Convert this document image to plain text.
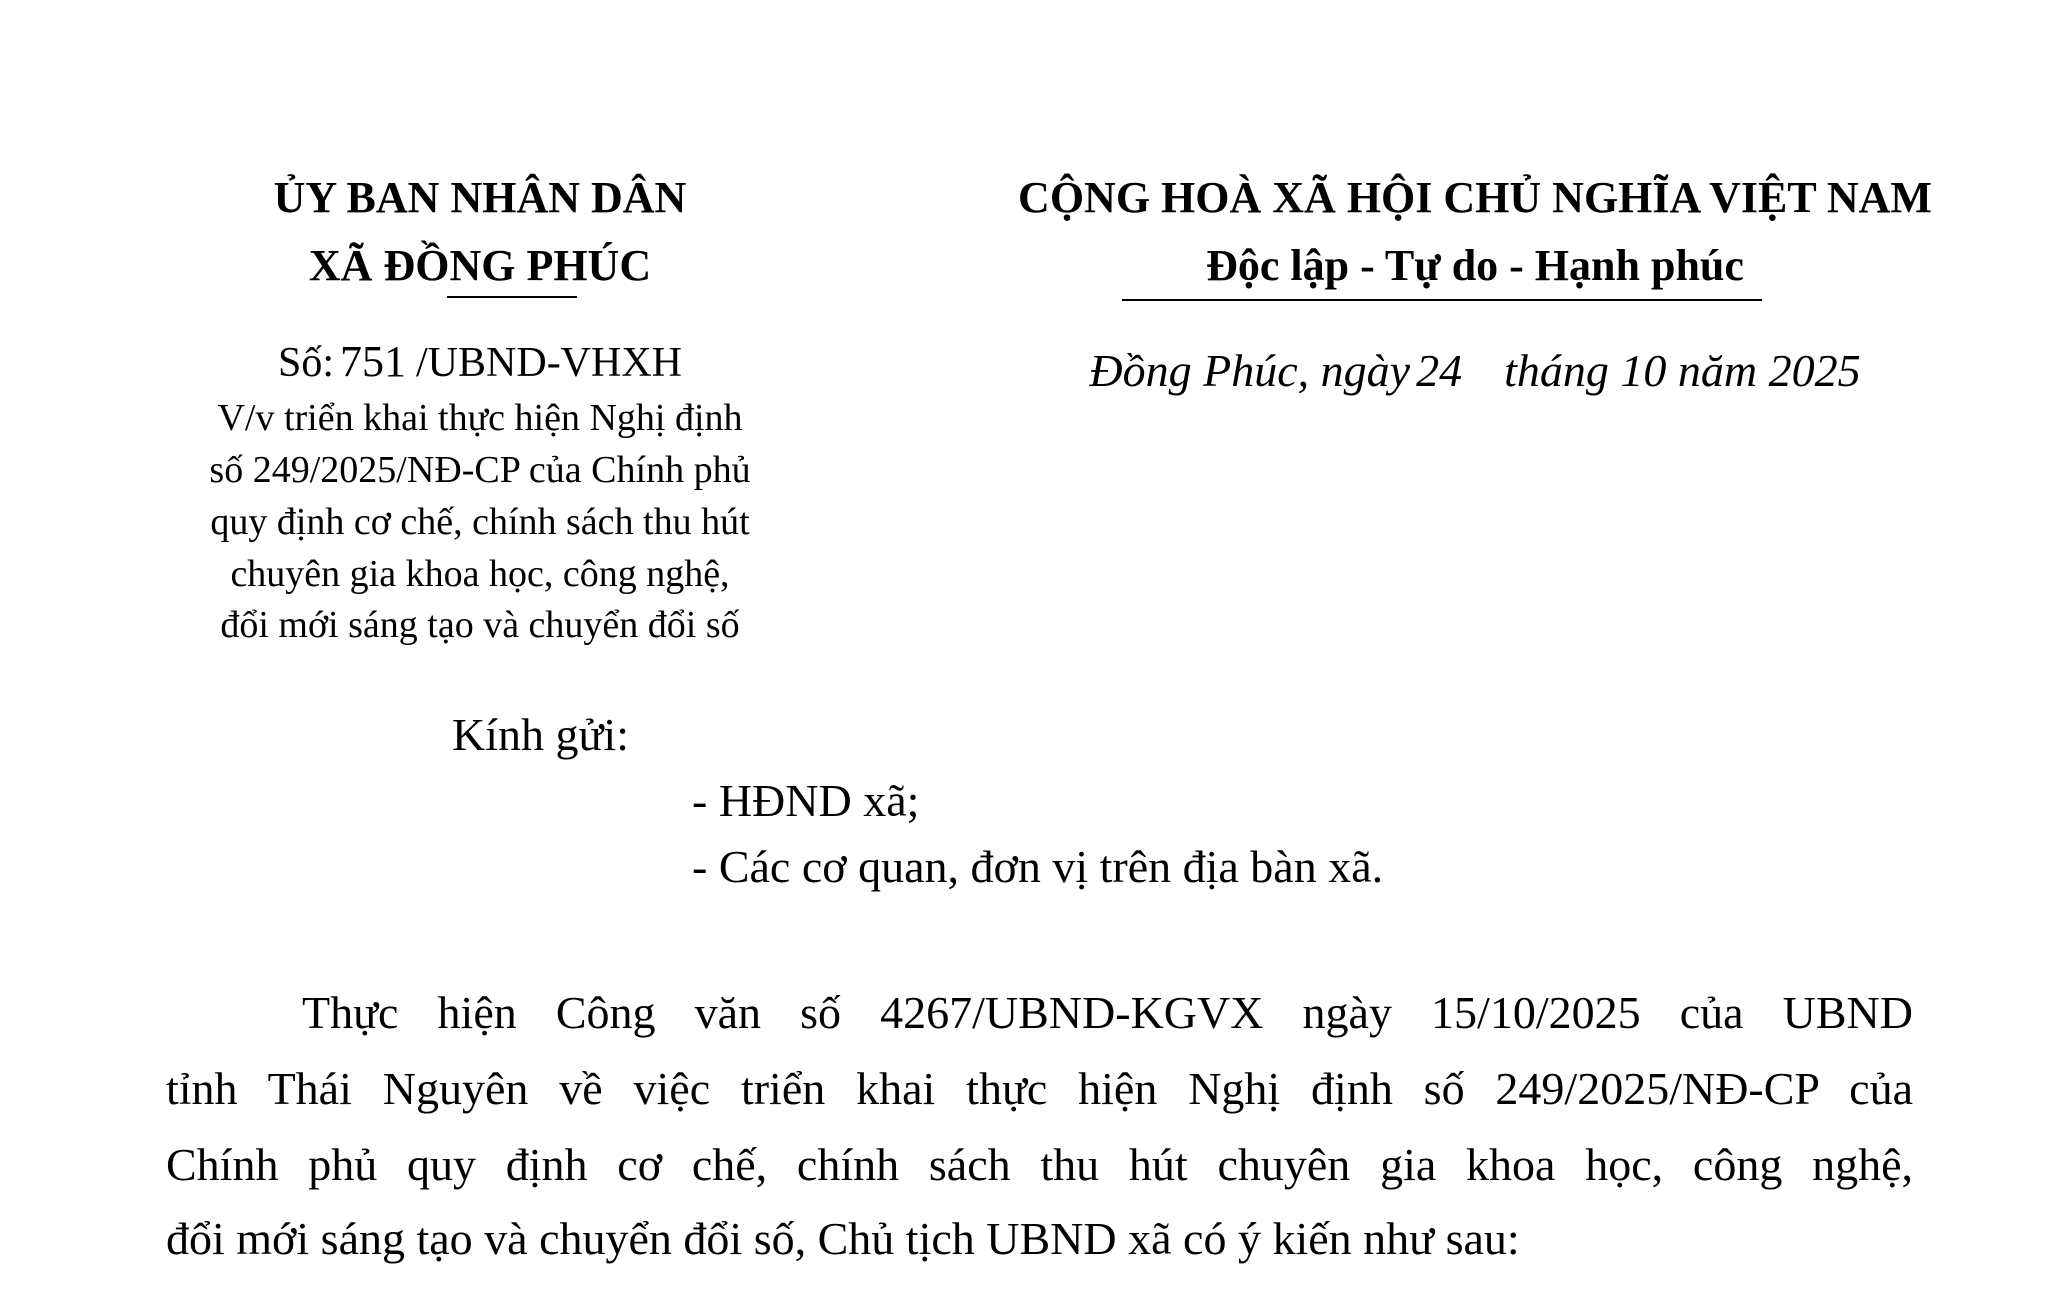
ỦY BAN NHÂN DÂN
XÃ ĐỒNG PHÚC
CỘNG HOÀ XÃ HỘI CHỦ NGHĨA VIỆT NAM
Độc lập - Tự do - Hạnh phúc
Số: 751 /UBND-VHXH
V/v triển khai thực hiện Nghị định
số 249/2025/NĐ-CP của Chính phủ
quy định cơ chế, chính sách thu hút
chuyên gia khoa học, công nghệ,
đổi mới sáng tạo và chuyển đổi số
Đồng Phúc, ngày 24 tháng 10 năm 2025
Kính gửi:
- HĐND xã;
- Các cơ quan, đơn vị trên địa bàn xã.
Thực hiện Công văn số 4267/UBND-KGVX ngày 15/10/2025 của UBND
tỉnh Thái Nguyên về việc triển khai thực hiện Nghị định số 249/2025/NĐ-CP của
Chính phủ quy định cơ chế, chính sách thu hút chuyên gia khoa học, công nghệ,
đổi mới sáng tạo và chuyển đổi số, Chủ tịch UBND xã có ý kiến như sau:
